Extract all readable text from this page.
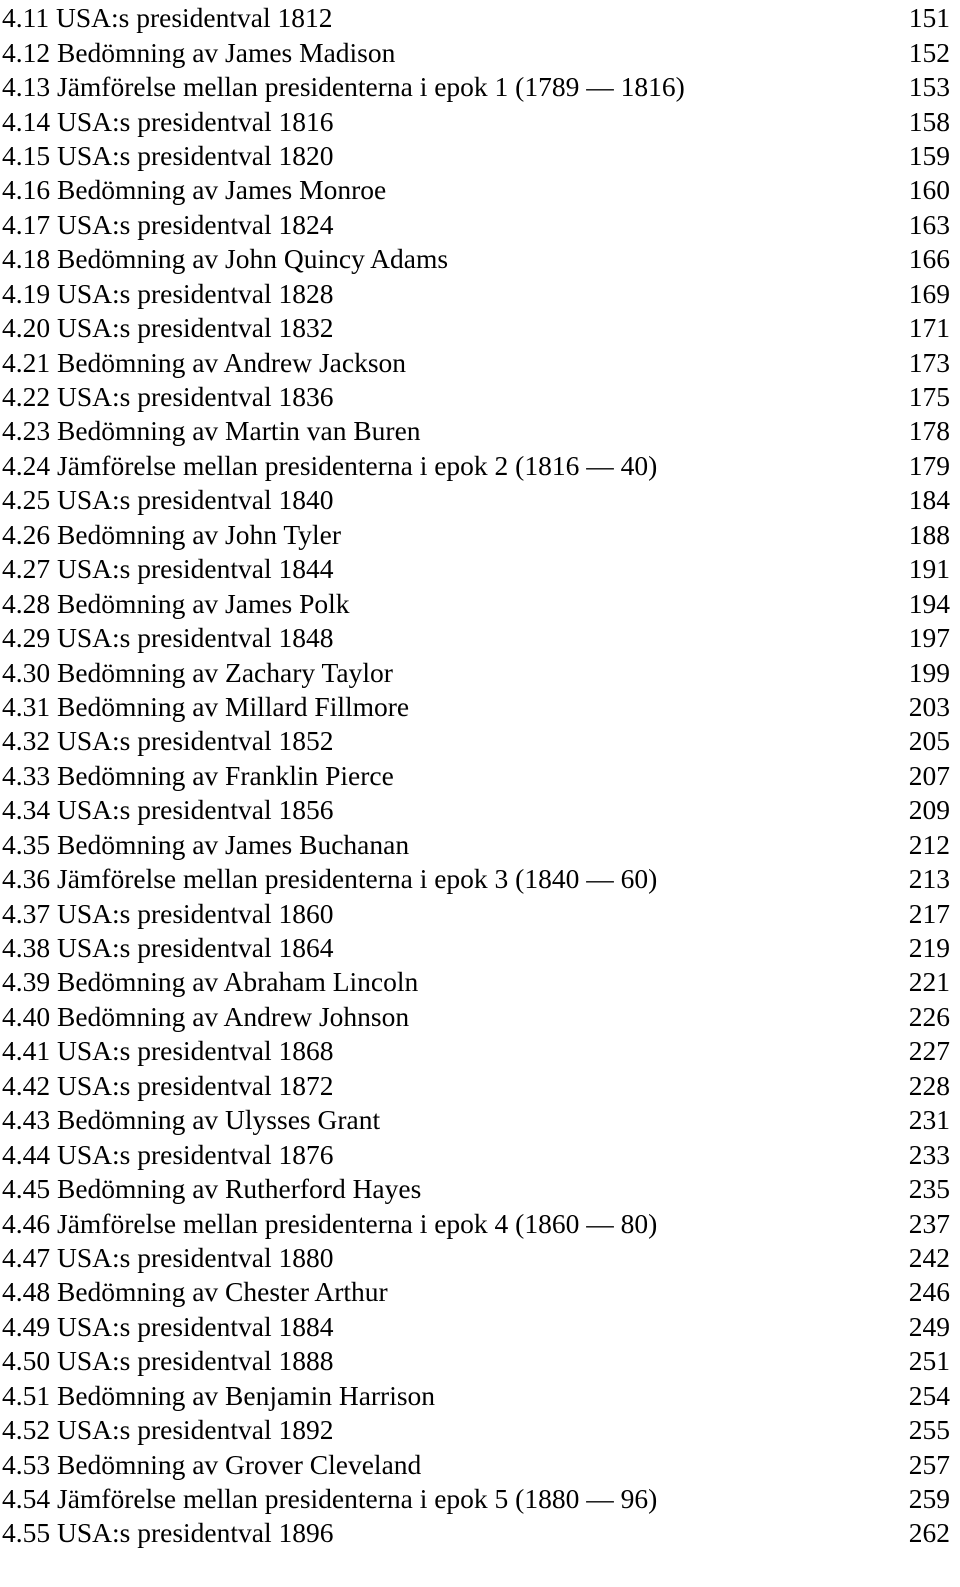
4.11 USA:s presidentval 1812	151
4.12 Bedömning av James Madison	152
4.13 Jämförelse mellan presidenterna i epok 1 (1789 — 1816)	153
4.14 USA:s presidentval 1816	158
4.15 USA:s presidentval 1820	159
4.16 Bedömning av James Monroe	160
4.17 USA:s presidentval 1824	163
4.18 Bedömning av John Quincy Adams	166
4.19 USA:s presidentval 1828	169
4.20 USA:s presidentval 1832	171
4.21 Bedömning av Andrew Jackson	173
4.22 USA:s presidentval 1836	175
4.23 Bedömning av Martin van Buren	178
4.24 Jämförelse mellan presidenterna i epok 2 (1816 — 40)	179
4.25 USA:s presidentval 1840	184
4.26 Bedömning av John Tyler	188
4.27 USA:s presidentval 1844	191
4.28 Bedömning av James Polk	194
4.29 USA:s presidentval 1848	197
4.30 Bedömning av Zachary Taylor	199
4.31 Bedömning av Millard Fillmore	203
4.32 USA:s presidentval 1852	205
4.33 Bedömning av Franklin Pierce	207
4.34 USA:s presidentval 1856	209
4.35 Bedömning av James Buchanan	212
4.36 Jämförelse mellan presidenterna i epok 3 (1840 — 60)	213
4.37 USA:s presidentval 1860	217
4.38 USA:s presidentval 1864	219
4.39 Bedömning av Abraham Lincoln	221
4.40 Bedömning av Andrew Johnson	226
4.41 USA:s presidentval 1868	227
4.42 USA:s presidentval 1872	228
4.43 Bedömning av Ulysses Grant	231
4.44 USA:s presidentval 1876	233
4.45 Bedömning av Rutherford Hayes	235
4.46 Jämförelse mellan presidenterna i epok 4 (1860 — 80)	237
4.47 USA:s presidentval 1880	242
4.48 Bedömning av Chester Arthur	246
4.49 USA:s presidentval 1884	249
4.50 USA:s presidentval 1888	251
4.51 Bedömning av Benjamin Harrison	254
4.52 USA:s presidentval 1892	255
4.53 Bedömning av Grover Cleveland	257
4.54 Jämförelse mellan presidenterna i epok 5 (1880 — 96)	259
4.55 USA:s presidentval 1896	262
